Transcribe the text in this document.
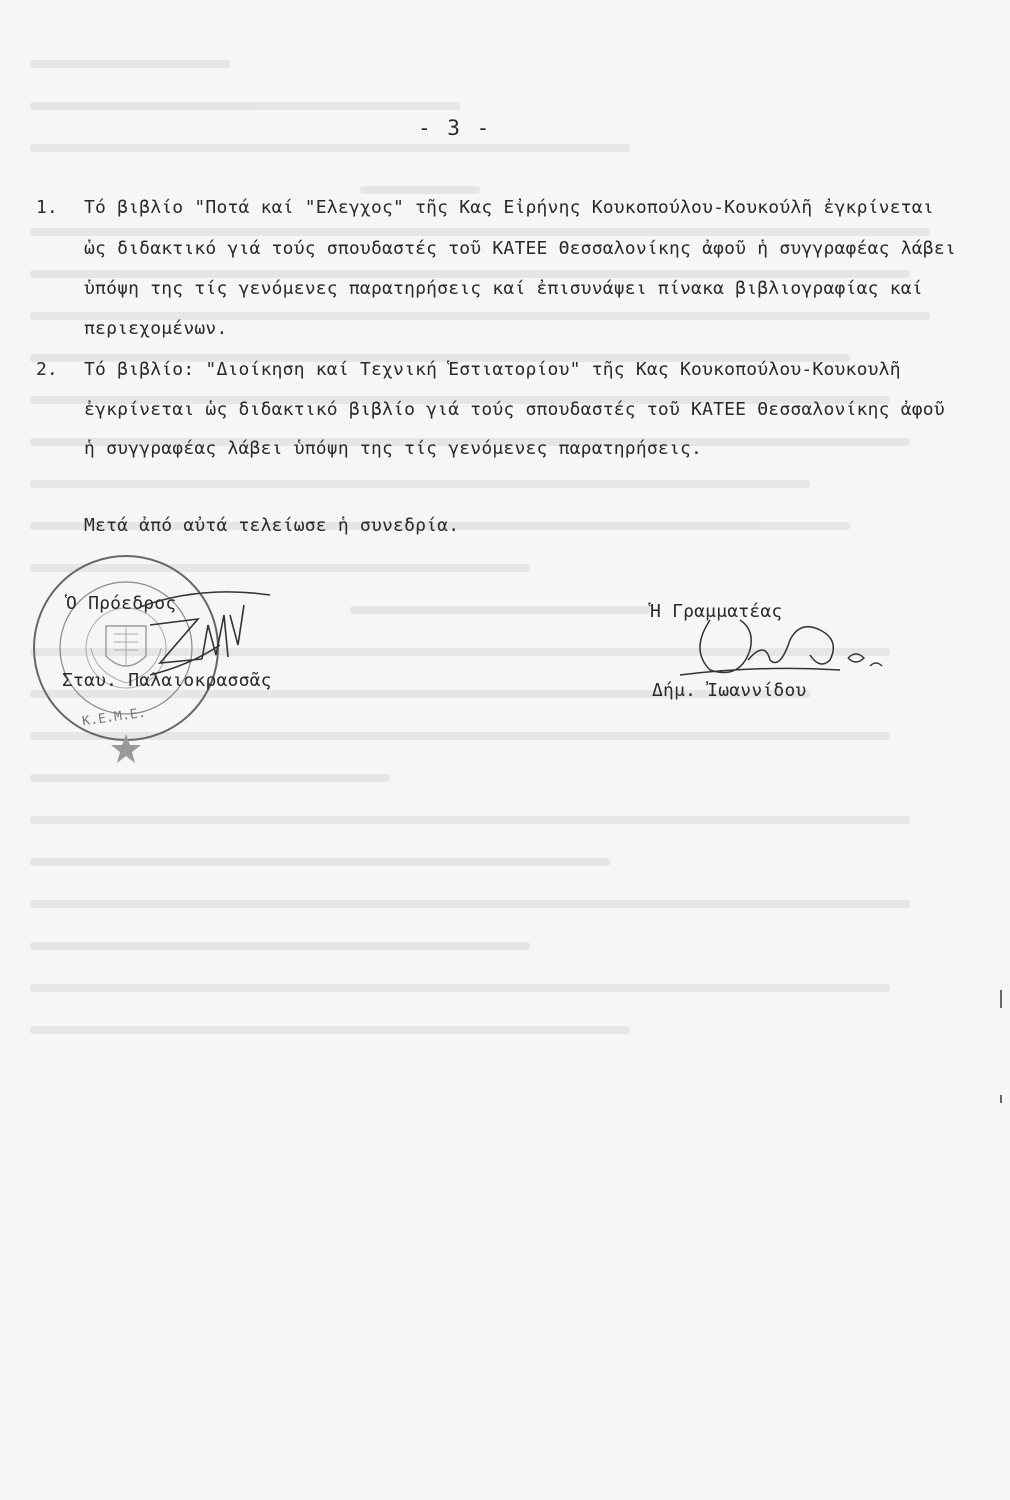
- 3 -
1. Τό βιβλίο "Ποτά καί "Ελεγχος" τῆς Κας Εἰρήνης Κουκοπούλου-Κουκούλῆ ἐγκρίνεται
ὡς διδακτικό γιά τούς σπουδαστές τοῦ ΚΑΤΕΕ Θεσσαλονίκης ἀφοῦ ἡ συγγραφέας λάβει
ὑπόψη της τίς γενόμενες παρατηρήσεις καί ἐπισυνάψει πίνακα βιβλιογραφίας καί
περιεχομένων.
2. Τό βιβλίο: "Διοίκηση καί Τεχνική Ἑστιατορίου" τῆς Κας Κουκοπούλου-Κουκουλῆ
ἐγκρίνεται ὡς διδακτικό βιβλίο γιά τούς σπουδαστές τοῦ ΚΑΤΕΕ Θεσσαλονίκης ἀφοῦ
ἡ συγγραφέας λάβει ὑπόψη της τίς γενόμενες παρατηρήσεις.
Μετά ἀπό αὐτά τελείωσε ἡ συνεδρία.
Κ.Ε.Μ.Ε.
Ὁ Πρόεδρος
Σταυ. Παλαιοκρασσᾶς
Ἡ Γραμματέας
Δήμ. Ἰωαννίδου
